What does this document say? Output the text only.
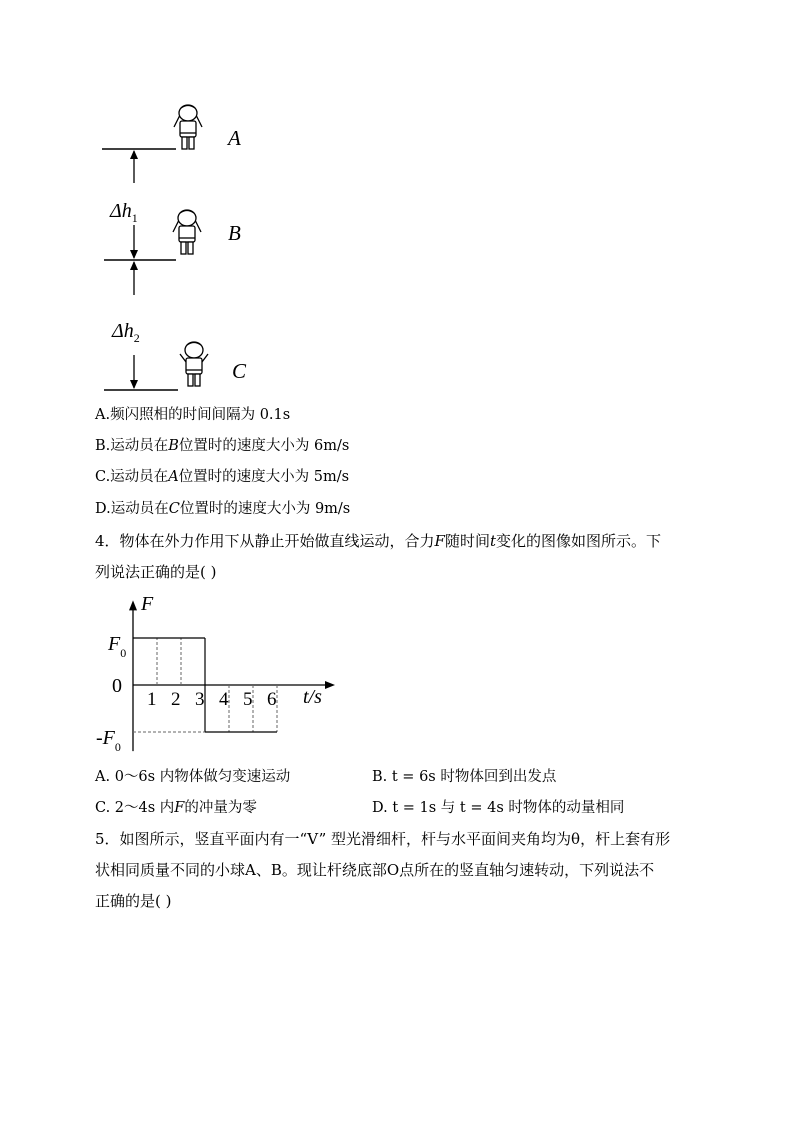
$\Delta h_1$
$\Delta h_2$
A
B
C
A.频闪照相的时间间隔为 0.1s
B.运动员在B位置时的速度大小为 6m/s
C.运动员在A位置时的速度大小为 5m/s
D.运动员在C位置时的速度大小为 9m/s
4．物体在外力作用下从静止开始做直线运动，合力F随时间t变化的图像如图所示。下
列说法正确的是( )
1 2 3 4 5 6 t/s
F
$F_0$
0
$-F_0$
A. 0～6s 内物体做匀变速运动	B. t = 6s 时物体回到出发点
C. 2～4s 内F的冲量为零	D. t = 1s 与 t = 4s 时物体的动量相同
5．如图所示，竖直平面内有一“V” 型光滑细杆，杆与水平面间夹角均为θ，杆上套有形
状相同质量不同的小球A、B。现让杆绕底部O点所在的竖直轴匀速转动，下列说法不
正确的是( )
